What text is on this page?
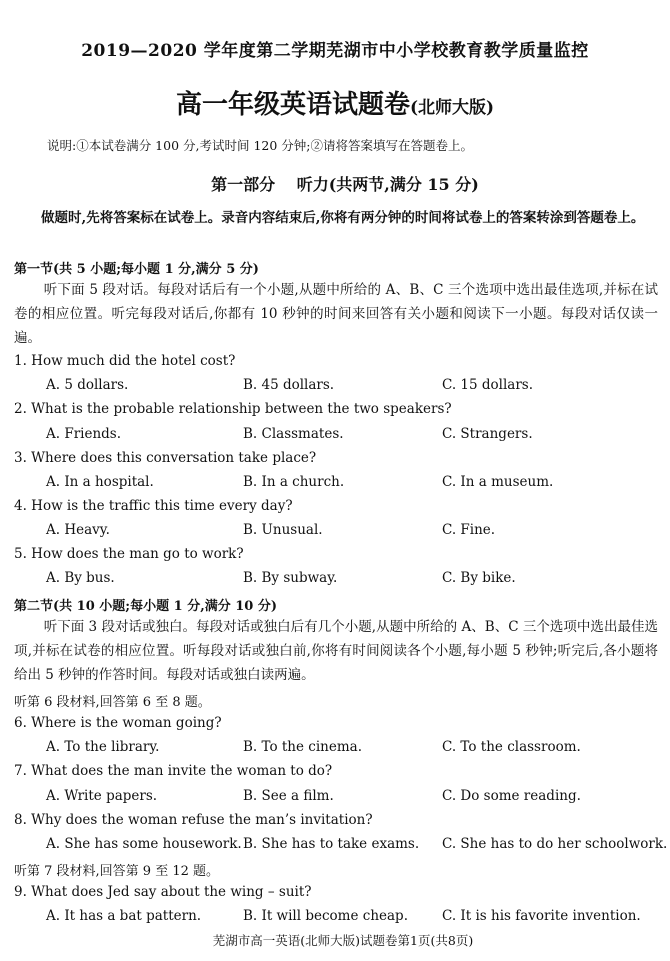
2019—2020 学年度第二学期芜湖市中小学校教育教学质量监控
高一年级英语试题卷(北师大版)
说明:①本试卷满分 100 分,考试时间 120 分钟;②请将答案填写在答题卷上。
第一部分　 听力(共两节,满分 15 分)
做题时,先将答案标在试卷上。录音内容结束后,你将有两分钟的时间将试卷上的答案转涂到答题卷上。
第一节(共 5 小题;每小题 1 分,满分 5 分)
听下面 5 段对话。每段对话后有一个小题,从题中所给的 A、B、C 三个选项中选出最佳选项,并标在试卷的相应位置。听完每段对话后,你都有 10 秒钟的时间来回答有关小题和阅读下一小题。每段对话仅读一遍。
1. How much did the hotel cost?
A. 5 dollars.	B. 45 dollars.	C. 15 dollars.
2. What is the probable relationship between the two speakers?
A. Friends.	B. Classmates.	C. Strangers.
3. Where does this conversation take place?
A. In a hospital.	B. In a church.	C. In a museum.
4. How is the traffic this time every day?
A. Heavy.	B. Unusual.	C. Fine.
5. How does the man go to work?
A. By bus.	B. By subway.	C. By bike.
第二节(共 10 小题;每小题 1 分,满分 10 分)
听下面 3 段对话或独白。每段对话或独白后有几个小题,从题中所给的 A、B、C 三个选项中选出最佳选项,并标在试卷的相应位置。听每段对话或独白前,你将有时间阅读各个小题,每小题 5 秒钟;听完后,各小题将给出 5 秒钟的作答时间。每段对话或独白读两遍。
听第 6 段材料,回答第 6 至 8 题。
6. Where is the woman going?
A. To the library.	B. To the cinema.	C. To the classroom.
7. What does the man invite the woman to do?
A. Write papers.	B. See a film.	C. Do some reading.
8. Why does the woman refuse the man’s invitation?
A. She has some housework. B. She has to take exams. C. She has to do her schoolwork.
听第 7 段材料,回答第 9 至 12 题。
9. What does Jed say about the wing – suit?
A. It has a bat pattern.	B. It will become cheap.	C. It is his favorite invention.
芜湖市高一英语(北师大版)试题卷第1页(共8页)
